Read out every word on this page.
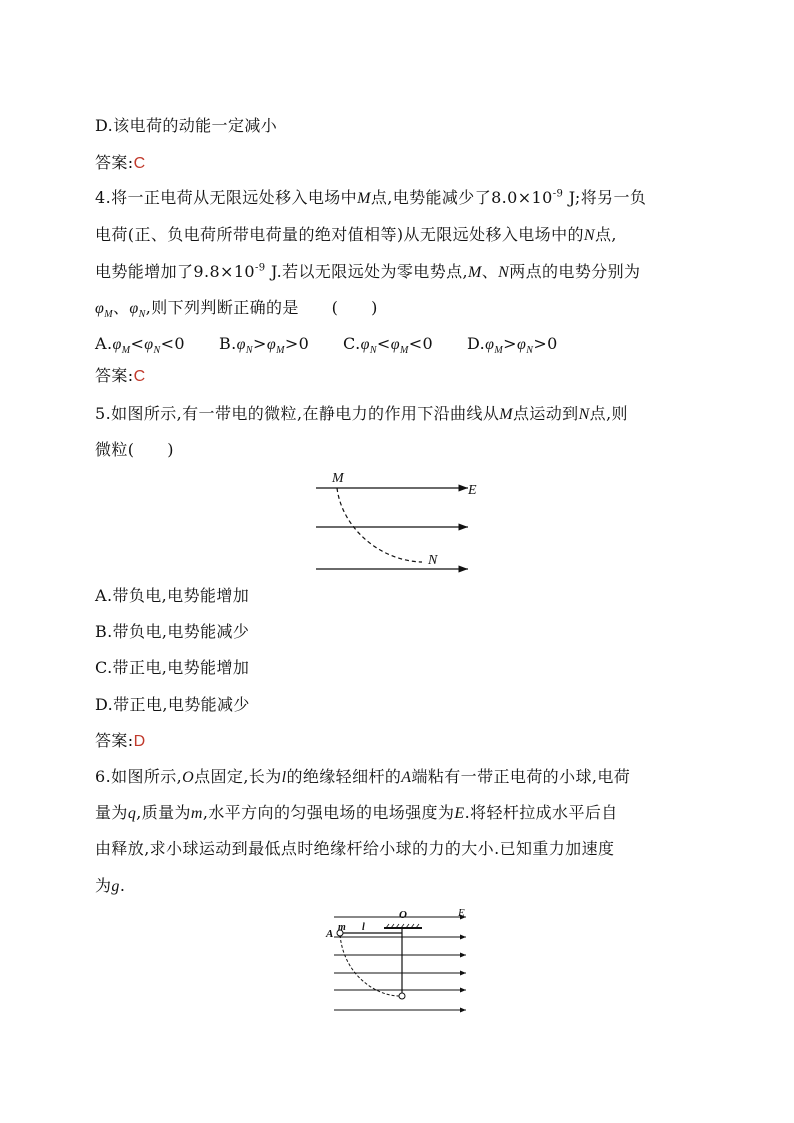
D.该电荷的动能一定减小
答案:C
4.将一正电荷从无限远处移入电场中M点,电势能减少了$8.0\times 10^{-9}$ J;将另一负
电荷(正、负电荷所带电荷量的绝对值相等)从无限远处移入电场中的N点,
电势能增加了$9.8\times 10^{-9}$ J.若以无限远处为零电势点,M、N两点的电势分别为
$\varphi_M$、$\varphi_N$,则下列判断正确的是　　(　　)
$A.\varphi_M<\varphi_N<0$ $B.\varphi_N>\varphi_M>0$ $C.\varphi_N<\varphi_M<0$ $D.\varphi_M>\varphi_N>0$
答案:C
5.如图所示,有一带电的微粒,在静电力的作用下沿曲线从M点运动到N点,则
微粒(　　)
M
E
N
A.带负电,电势能增加
B.带负电,电势能减少
C.带正电,电势能增加
D.带正电,电势能减少
答案:D
6.如图所示,O点固定,长为l的绝缘轻细杆的A端粘有一带正电荷的小球,电荷
量为q,质量为m,水平方向的匀强电场的电场强度为E.将轻杆拉成水平后自
由释放,求小球运动到最低点时绝缘杆给小球的力的大小.已知重力加速度
为g.
O	E
A
m l
